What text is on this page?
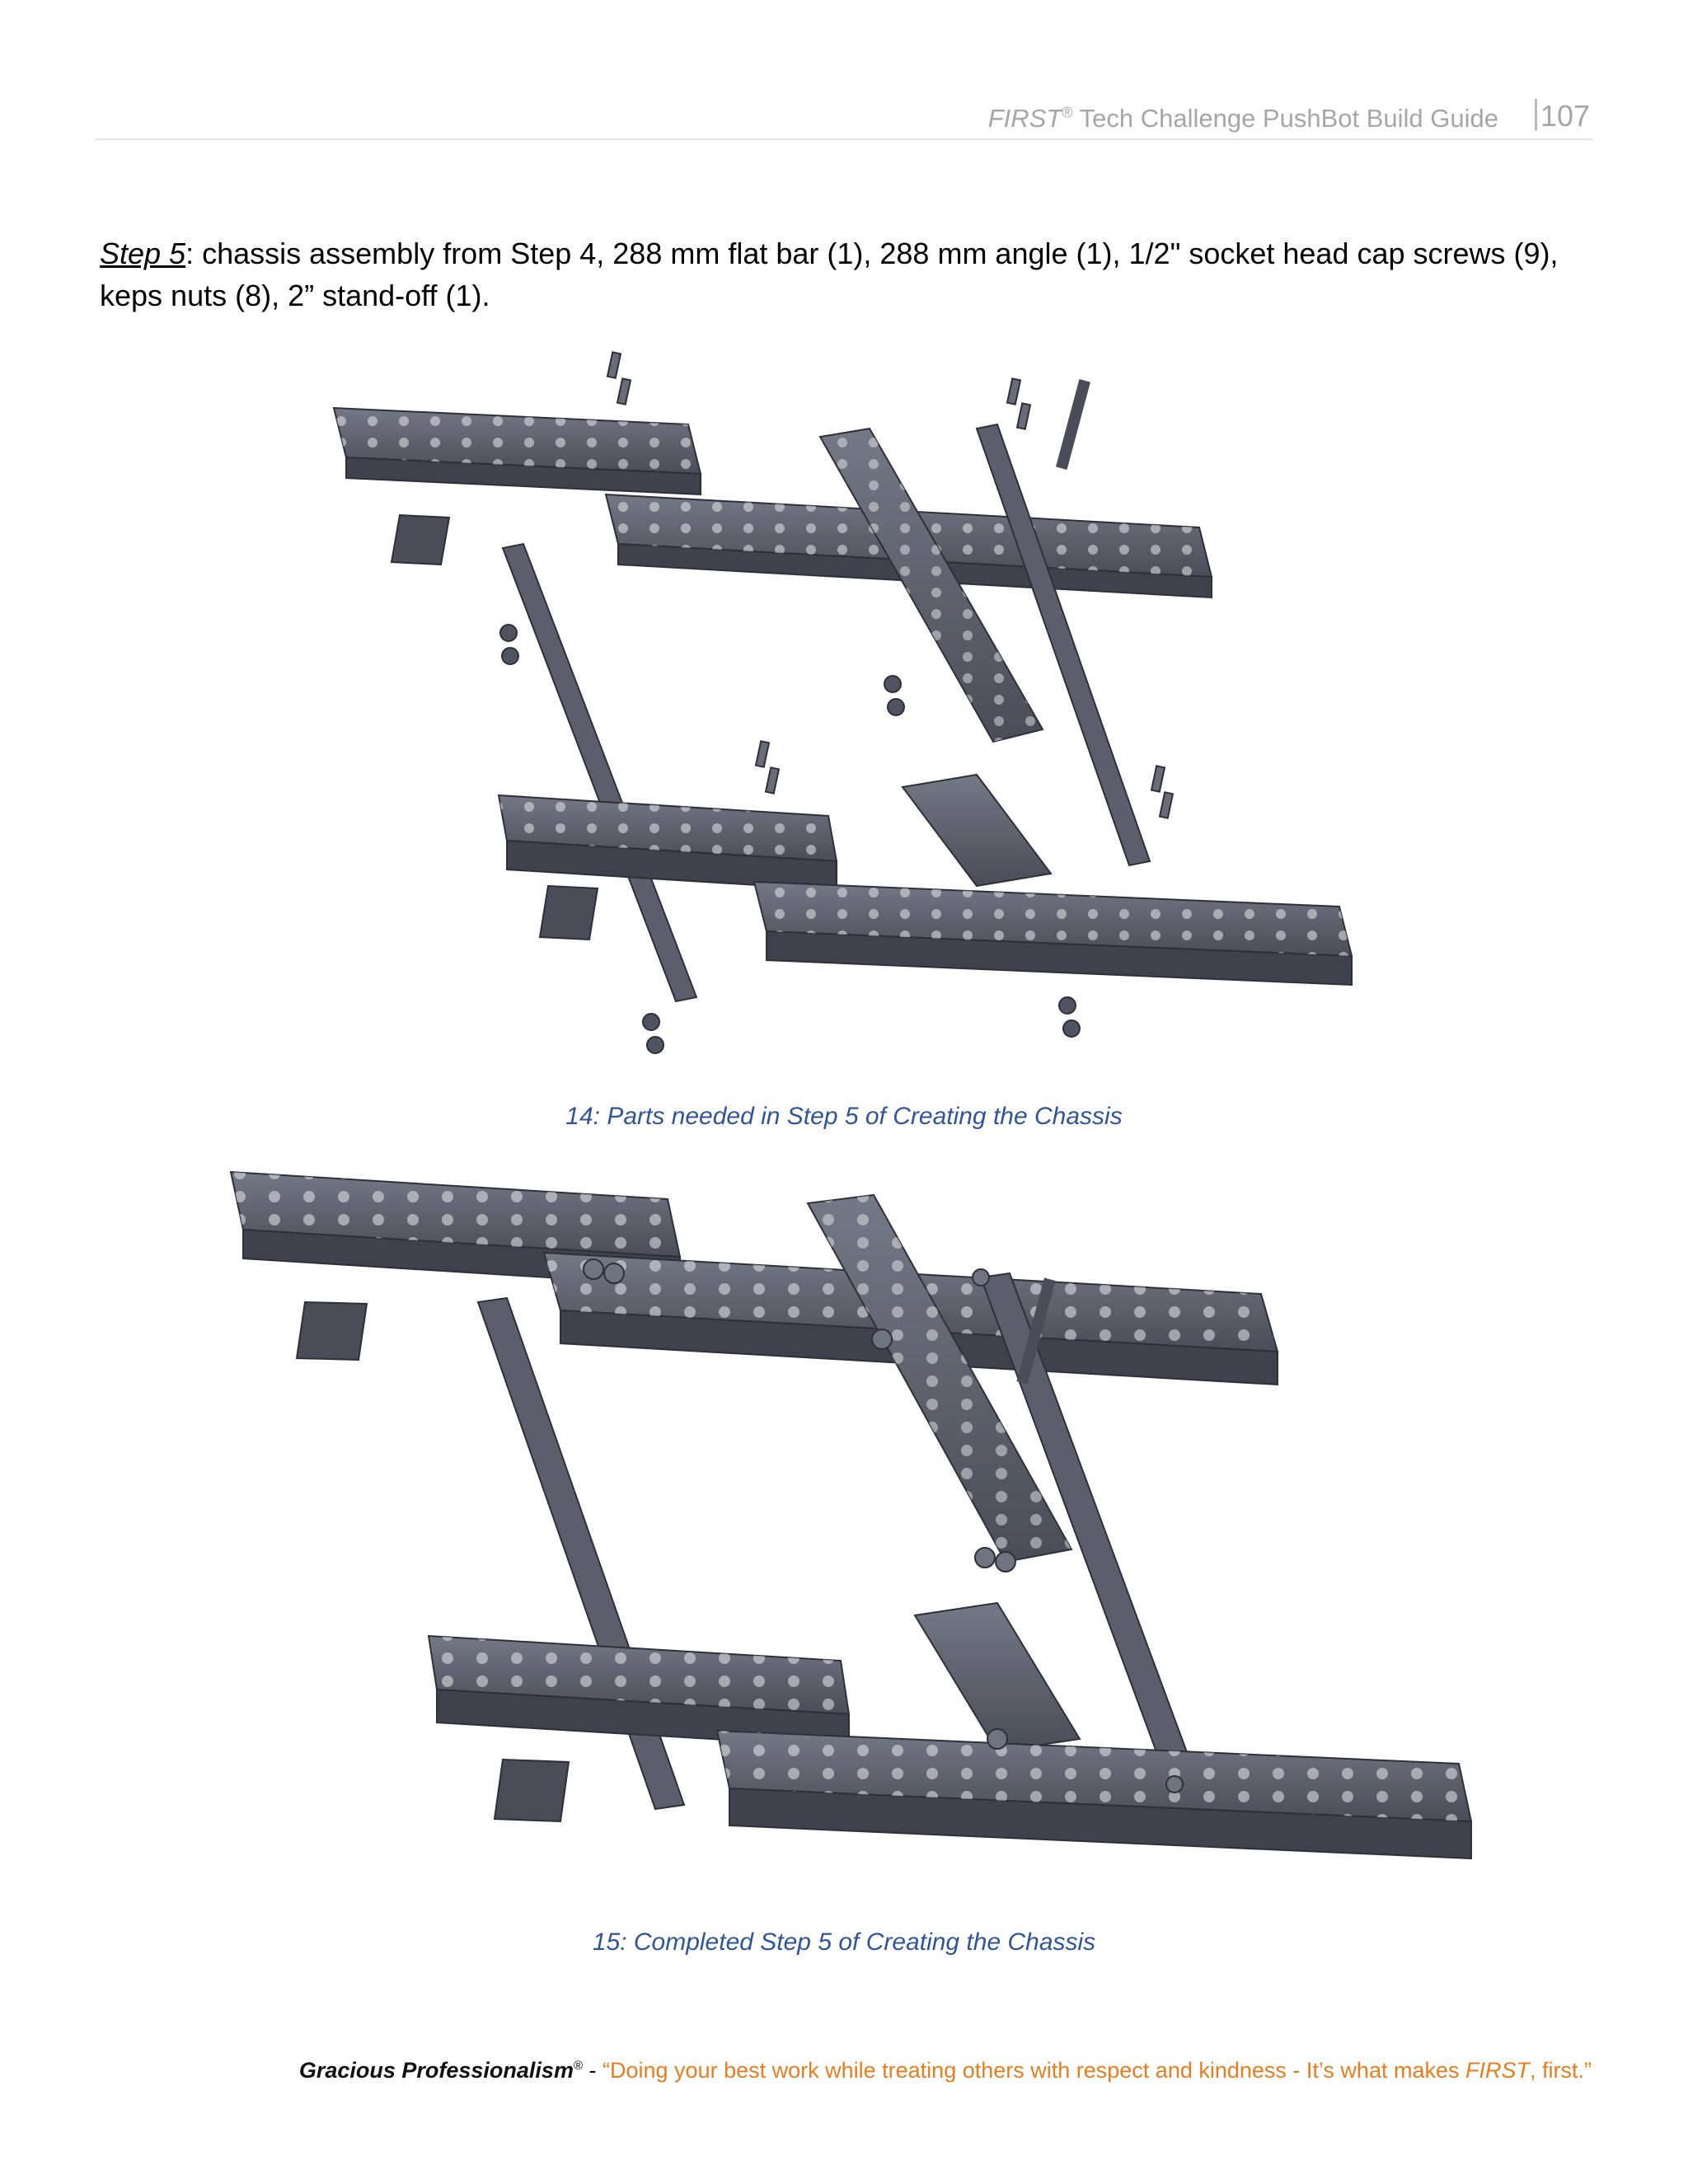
FIRST® Tech Challenge PushBot Build Guide 107
Step 5: chassis assembly from Step 4, 288 mm flat bar (1), 288 mm angle (1), 1/2" socket head cap screws (9), keps nuts (8), 2” stand-off (1).
14: Parts needed in Step 5 of Creating the Chassis
15: Completed Step 5 of Creating the Chassis
Gracious Professionalism® - “Doing your best work while treating others with respect and kindness - It’s what makes FIRST, first.”
